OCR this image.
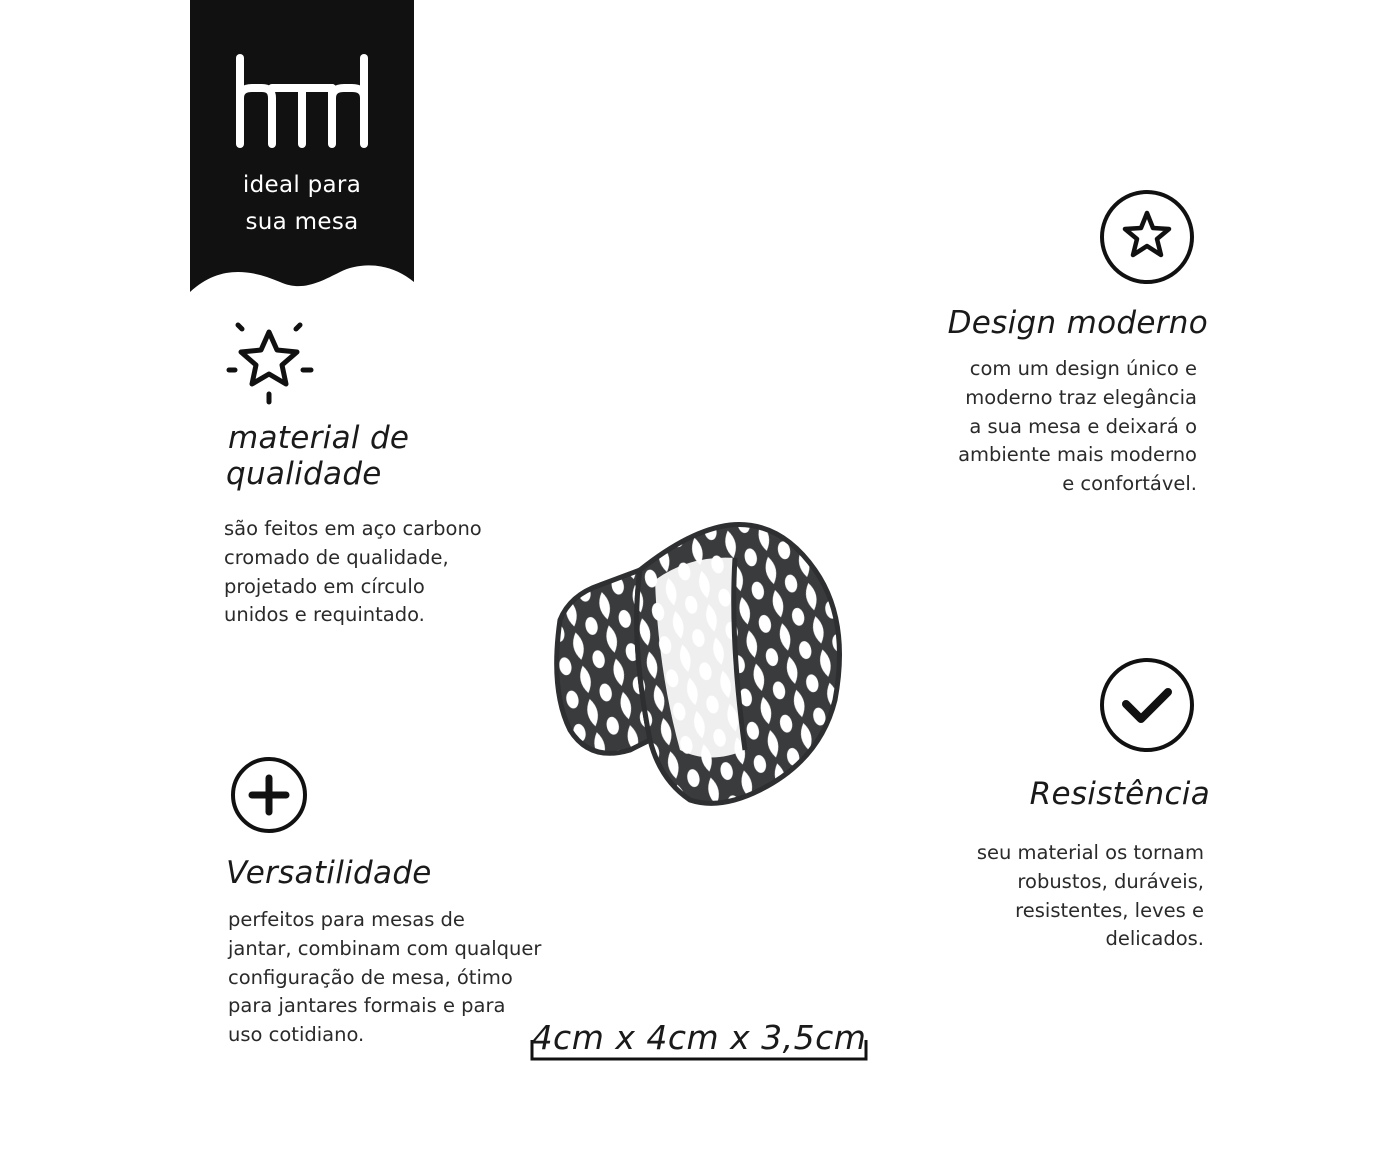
ideal para
sua mesa
material de
qualidade
são feitos em aço carbono
cromado de qualidade,
projetado em círculo
unidos e requintado.
Design moderno
com um design único e
moderno traz elegância
a sua mesa e deixará o
ambiente mais moderno
e confortável.
Versatilidade
perfeitos para mesas de
jantar, combinam com qualquer
configuração de mesa, ótimo
para jantares formais e para
uso cotidiano.
Resistência
seu material os tornam
robustos, duráveis,
resistentes, leves e
delicados.
4cm x 4cm x 3,5cm
